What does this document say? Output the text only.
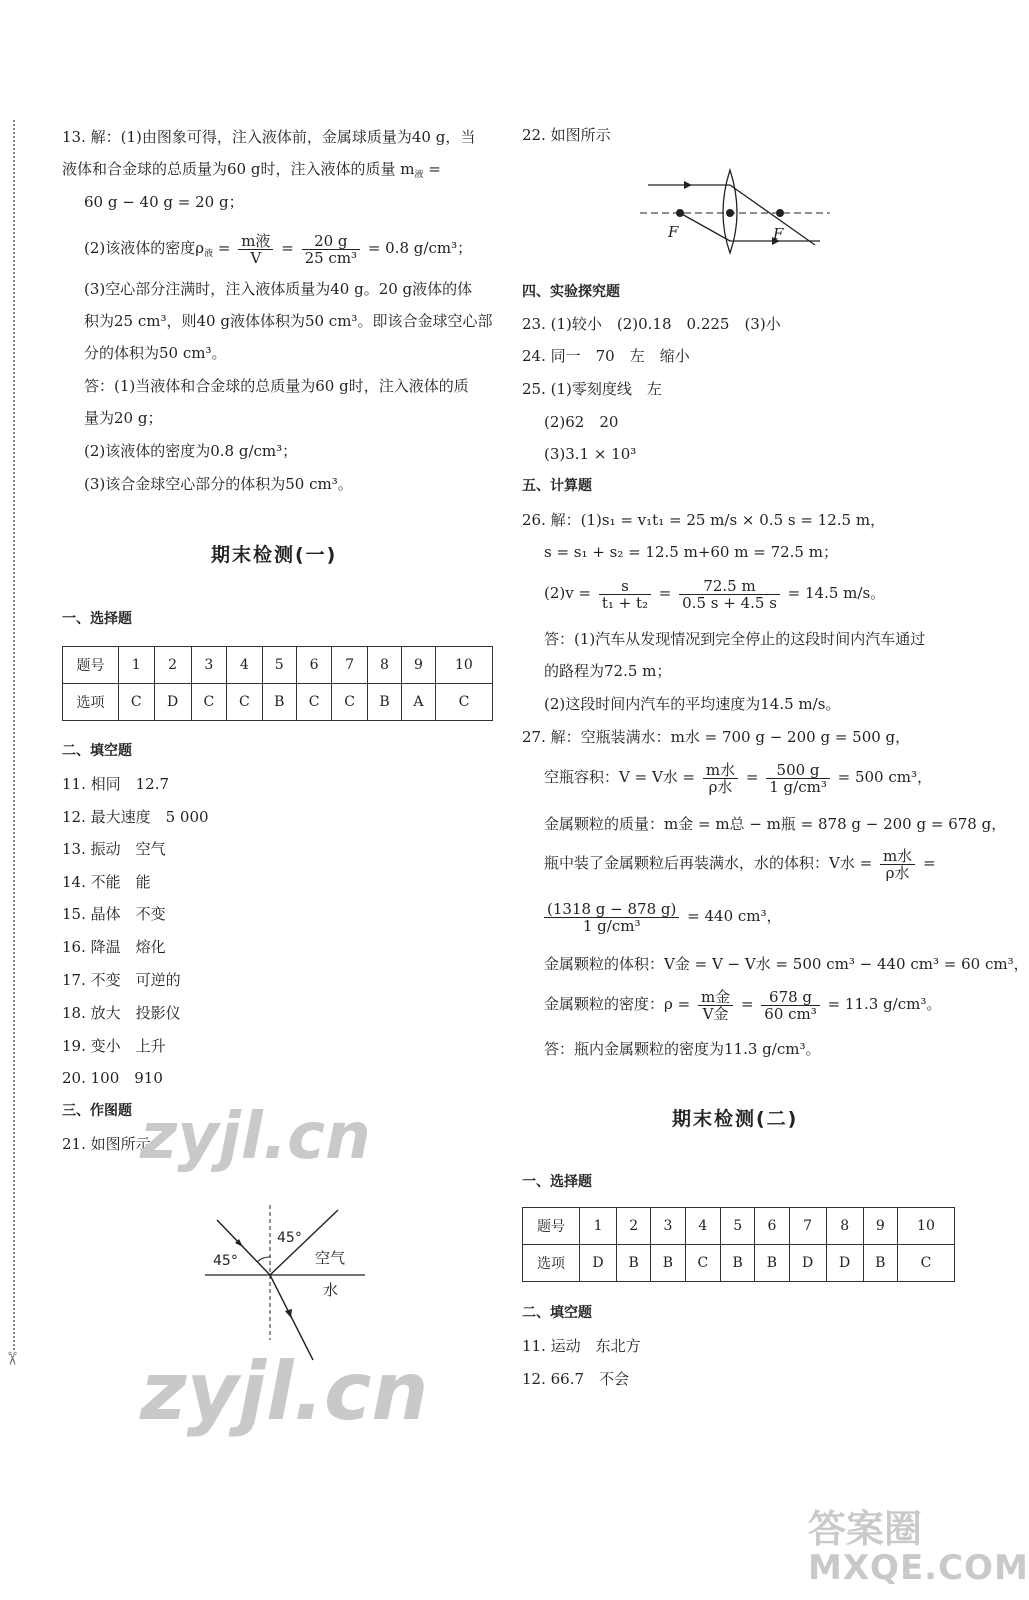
✂
13. 解：(1)由图象可得，注入液体前，金属球质量为40 g，当
液体和合金球的总质量为60 g时，注入液体的质量 $m_液$ =
60 g − 40 g = 20 g；
(2)该液体的密度$\rho_液 = \frac{\text{m液}}{V} = \frac{20 g}{\text{25 cm³}} = 0.8$ g/cm³；
(3)空心部分注满时，注入液体质量为40 g。20 g液体的体
积为25 cm³，则40 g液体体积为50 cm³。即该合金球空心部
分的体积为50 cm³。
答：(1)当液体和合金球的总质量为60 g时，注入液体的质
量为20 g；
(2)该液体的密度为0.8 g/cm³；
(3)该合金球空心部分的体积为50 cm³。
期末检测(一)
一、选择题
题号	1	2	3	4	5	6	7	8	9	10
选项	C	D	C	C	B	C	C	B	A	C
二、填空题
11. 相同　12.7
12. 最大速度　5 000
13. 振动　空气
14. 不能　能
15. 晶体　不变
16. 降温　熔化
17. 不变　可逆的
18. 放大　投影仪
19. 变小　上升
20. 100　910
三、作图题
21. 如图所示
45°
45°
空气
水
zyjl.cn
zyjl.cn
22. 如图所示
F	F
四、实验探究题
23. (1)较小　(2)0.18　0.225　(3)小
24. 同一　70　左　缩小
25. (1)零刻度线　左
(2)62　20
(3)3.1 × 10³
五、计算题
26. 解：(1)s₁ = v₁t₁ = 25 m/s × 0.5 s = 12.5 m，
s = s₁ + s₂ = 12.5 m+60 m = 72.5 m；
$(2)v = \frac{s}{\text{t₁ + t₂}} = \frac{72.5 m}{0.5 s + 4.5 s} = 14.5$ m/s。
答：(1)汽车从发现情况到完全停止的这段时间内汽车通过
的路程为72.5 m；
(2)这段时间内汽车的平均速度为14.5 m/s。
27. 解：空瓶装满水：m水 = 700 g − 200 g = 500 g，
空瓶容积：V = V水 = $\frac{\text{m水}}{\text{ρ水}} = \frac{500 g}{\text{1 g/cm³}} = 500$ cm³，
金属颗粒的质量：m金 = m总 − m瓶 = 878 g − 200 g = 678 g，
瓶中装了金属颗粒后再装满水，水的体积：V水 = $\frac{\text{m水}}{\text{ρ水}}$ =
$\frac{(1318 g - 878 g)}{\text{1 g/cm³}} = 440$ cm³，
金属颗粒的体积：V金 = V − V水 = 500 cm³ − 440 cm³ = 60 cm³，
金属颗粒的密度：$\rho = \frac{\text{m金}}{\text{V金}} = \frac{678 g}{\text{60 cm³}} = 11.3$ g/cm³。
答：瓶内金属颗粒的密度为11.3 g/cm³。
期末检测(二)
一、选择题
题号	1	2	3	4	5	6	7	8	9	10
选项	D	B	B	C	B	B	D	D	B	C
二、填空题
11. 运动　东北方
12. 66.7　不会
答案圈
MXQE.COM
